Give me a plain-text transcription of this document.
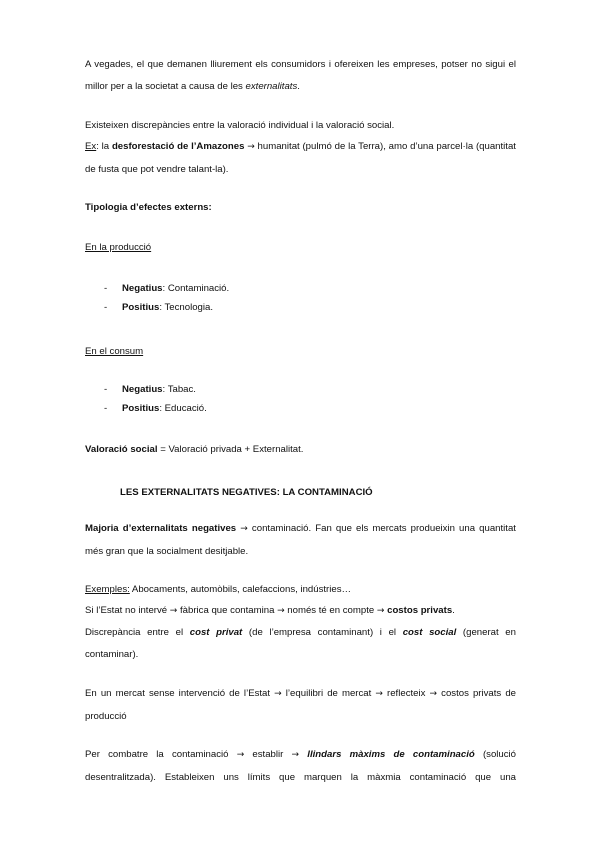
A vegades, el que demanen lliurement els consumidors i ofereixen les empreses, potser no sigui el millor per a la societat a causa de les externalitats.
Existeixen discrepàncies entre la valoració individual i la valoració social.
Ex: la desforestació de l’Amazones → humanitat (pulmó de la Terra), amo d’una parcel·la (quantitat de fusta que pot vendre talant-la).
Tipologia d’efectes externs:
En la producció
- Negatius: Contaminació.
- Positius: Tecnologia.
En el consum
- Negatius: Tabac.
- Positius: Educació.
Valoració social = Valoració privada + Externalitat.
LES EXTERNALITATS NEGATIVES: LA CONTAMINACIÓ
Majoria d’externalitats negatives → contaminació. Fan que els mercats produeixin una quantitat més gran que la socialment desitjable.
Exemples: Abocaments, automòbils, calefaccions, indústries…
Si l’Estat no intervé → fàbrica que contamina → només té en compte → costos privats.
Discrepància entre el cost privat (de l’empresa contaminant) i el cost social (generat en contaminar).
En un mercat sense intervenció de l’Estat → l’equilibri de mercat → reflecteix → costos privats de producció
Per combatre la contaminació → establir → llindars màxims de contaminació (solució desentralitzada). Estableixen uns límits que marquen la màxmia contaminació que una
